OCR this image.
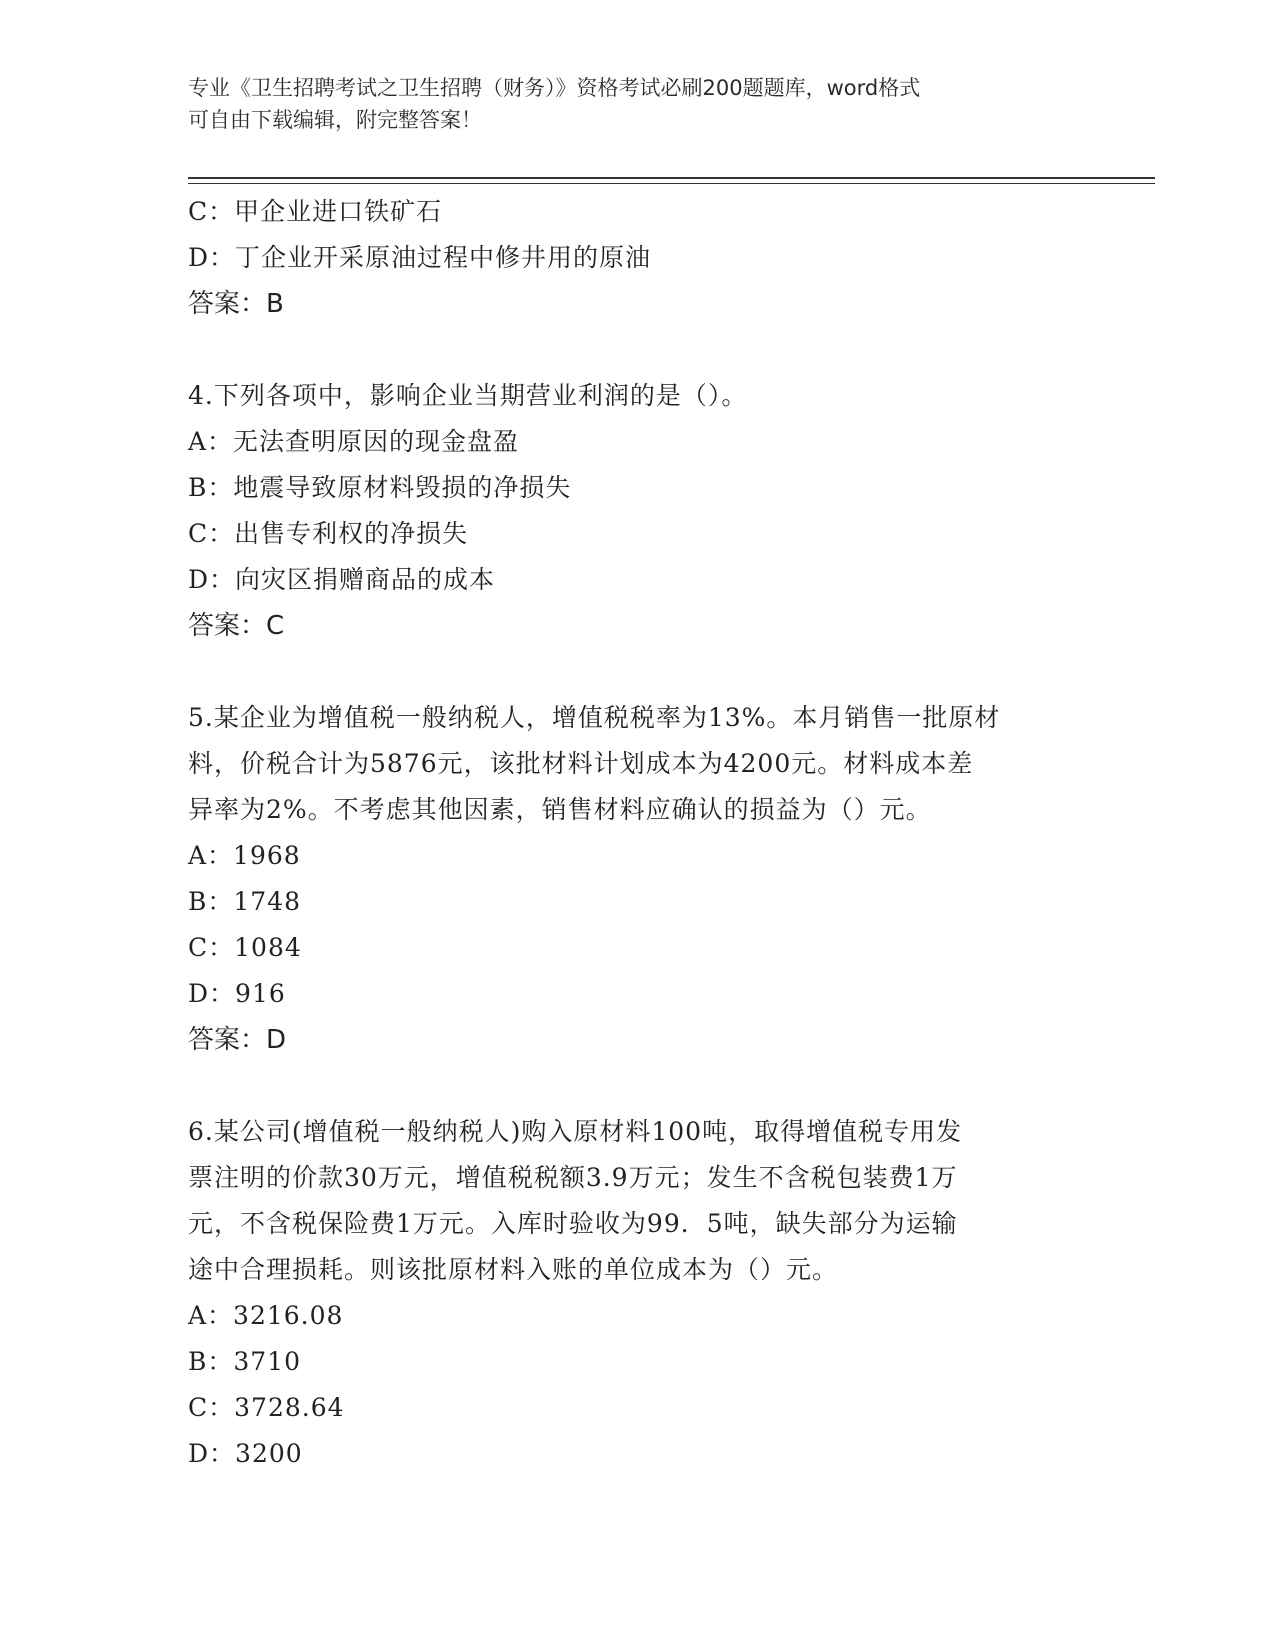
专业《卫生招聘考试之卫生招聘（财务）》资格考试必刷200题题库，word格式
可自由下载编辑，附完整答案！
C：甲企业进口铁矿石
D：丁企业开采原油过程中修井用的原油
答案：B
4.下列各项中，影响企业当期营业利润的是（）。
A：无法查明原因的现金盘盈
B：地震导致原材料毁损的净损失
C：出售专利权的净损失
D：向灾区捐赠商品的成本
答案：C
5.某企业为增值税一般纳税人，增值税税率为13%。本月销售一批原材
料，价税合计为5876元，该批材料计划成本为4200元。材料成本差
异率为2%。不考虑其他因素，销售材料应确认的损益为（）元。
A：1968
B：1748
C：1084
D：916
答案：D
6.某公司(增值税一般纳税人)购入原材料100吨，取得增值税专用发
票注明的价款30万元，增值税税额3.9万元；发生不含税包装费1万
元，不含税保险费1万元。入库时验收为99．5吨，缺失部分为运输
途中合理损耗。则该批原材料入账的单位成本为（）元。
A：3216.08
B：3710
C：3728.64
D：3200
